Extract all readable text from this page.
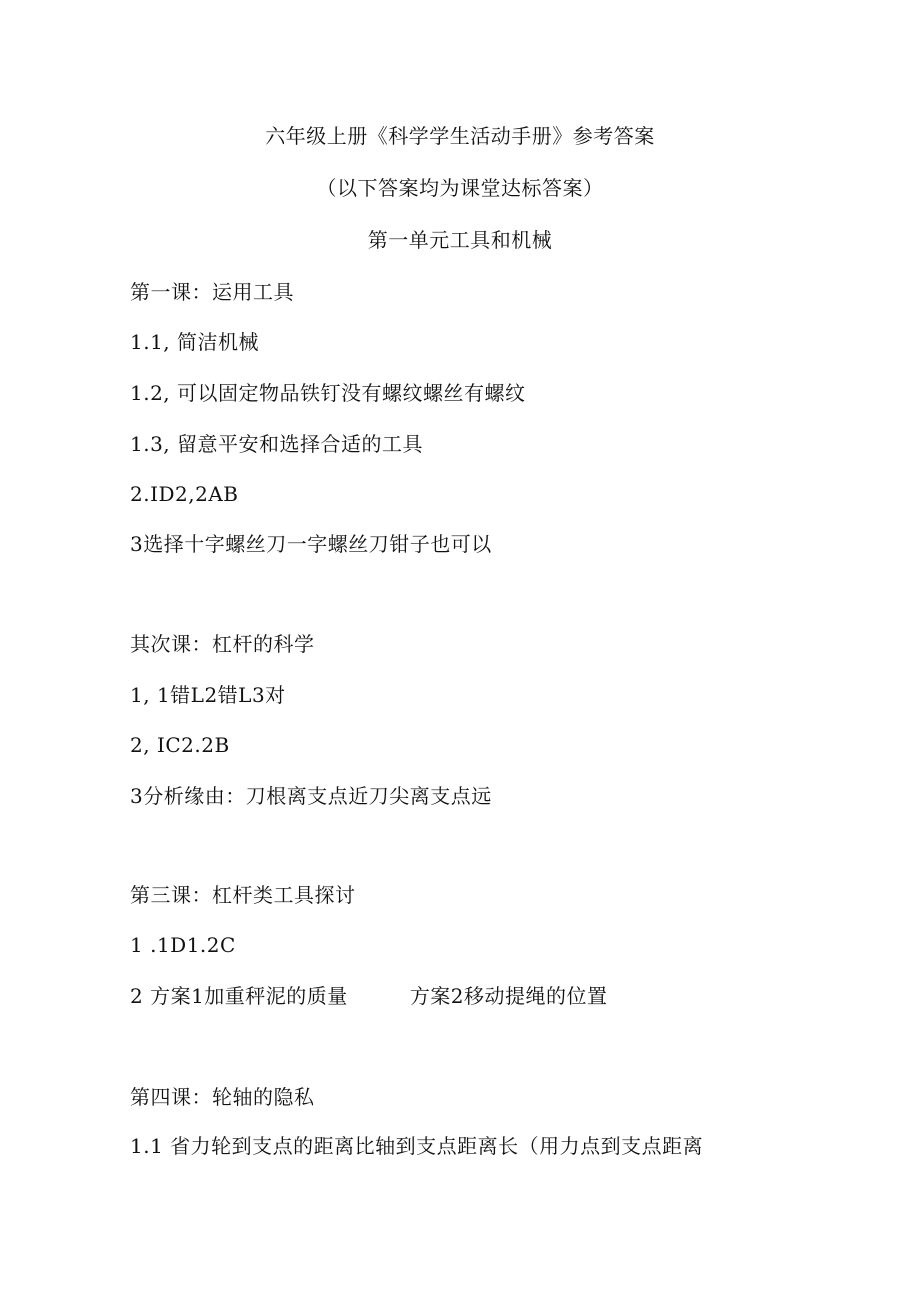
六年级上册《科学学生活动手册》参考答案
（以下答案均为课堂达标答案）
第一单元工具和机械
第一课：运用工具
1.1, 简洁机械
1.2, 可以固定物品铁钉没有螺纹螺丝有螺纹
1.3, 留意平安和选择合适的工具
2.ID2,2AB
3选择十字螺丝刀一字螺丝刀钳子也可以
其次课：杠杆的科学
1, 1错L2错L3对
2, IC2.2B
3分析缘由：刀根离支点近刀尖离支点远
第三课：杠杆类工具探讨
1 .1D1.2C
2 方案1加重秤泥的质量	方案2移动提绳的位置
第四课：轮轴的隐私
1.1 省力轮到支点的距离比轴到支点距离长（用力点到支点距离
